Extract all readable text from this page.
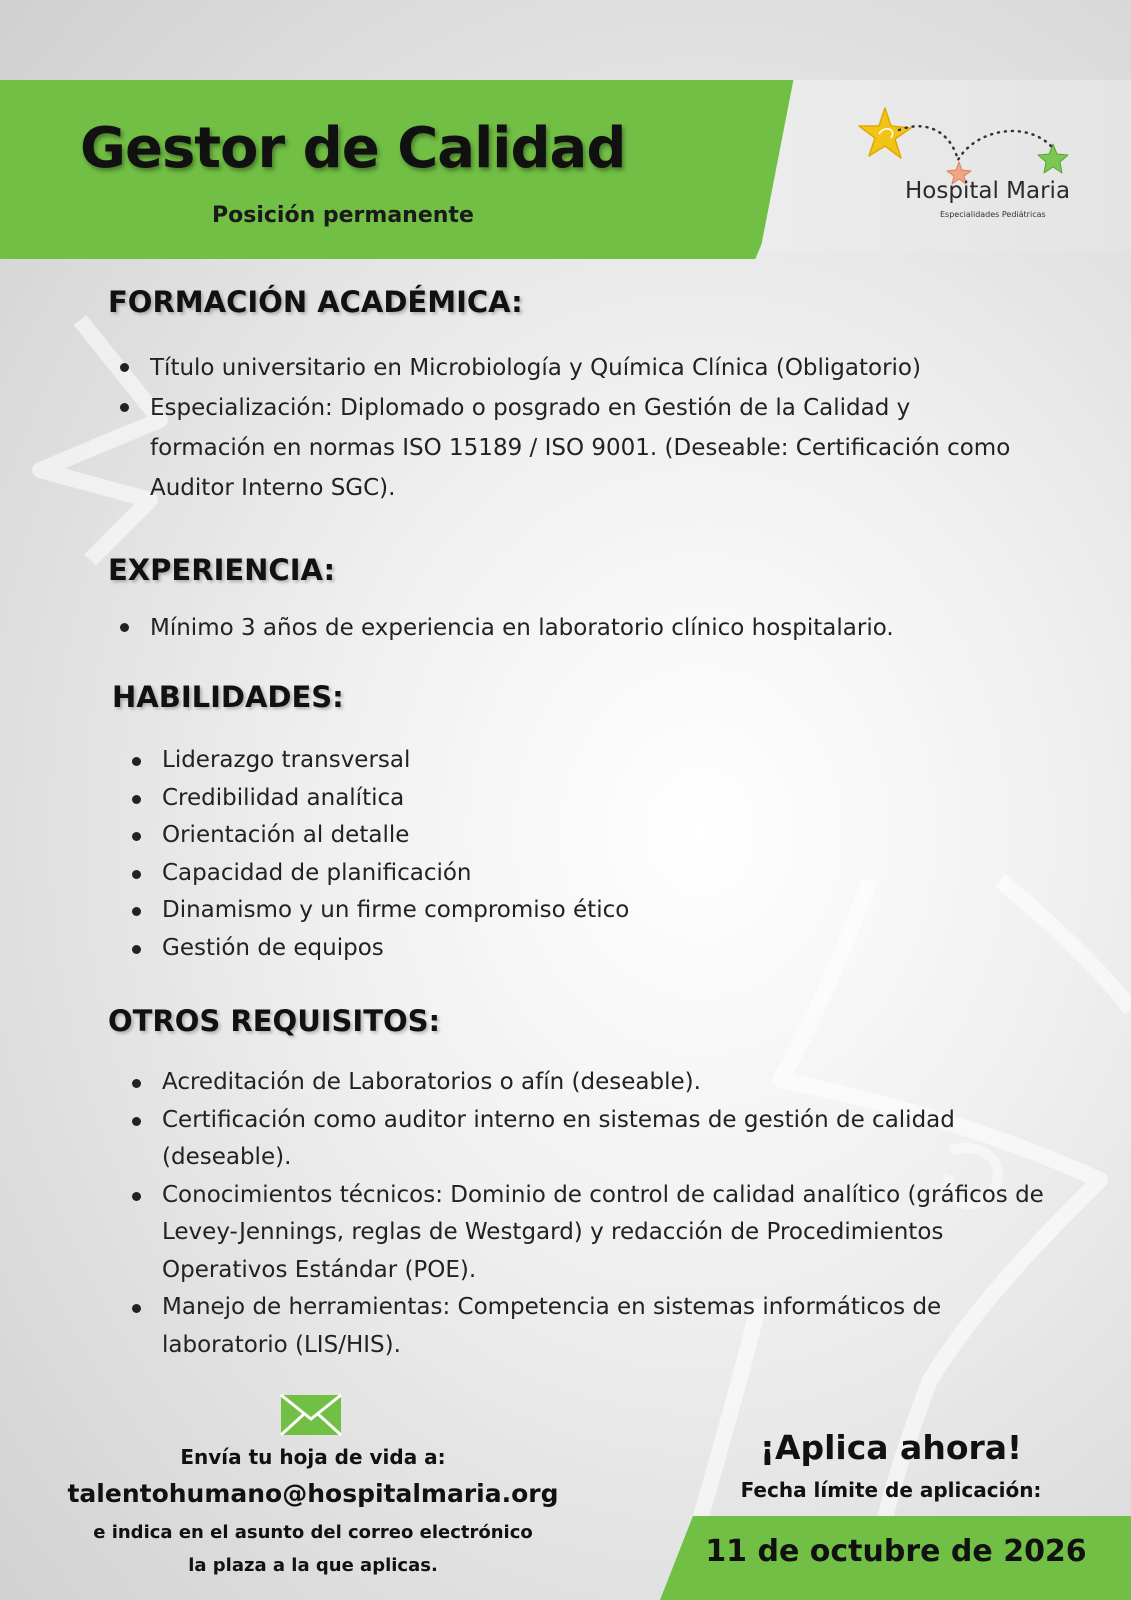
Gestor de Calidad

Posición permanente

Hospital Maria

Especialidades Pediátricas

FORMACIÓN ACADÉMICA:
Título universitario en Microbiología y Química Clínica (Obligatorio)
Especialización: Diplomado o posgrado en Gestión de la Calidad y formación en normas ISO 15189 / ISO 9001. (Deseable: Certificación como Auditor Interno SGC).
EXPERIENCIA:
Mínimo 3 años de experiencia en laboratorio clínico hospitalario.
HABILIDADES:
Liderazgo transversal
Credibilidad analítica
Orientación al detalle
Capacidad de planificación
Dinamismo y un firme compromiso ético
Gestión de equipos
OTROS REQUISITOS:
Acreditación de Laboratorios o afín (deseable).
Certificación como auditor interno en sistemas de gestión de calidad (deseable).
Conocimientos técnicos: Dominio de control de calidad analítico (gráficos de Levey-Jennings, reglas de Westgard) y redacción de Procedimientos Operativos Estándar (POE).
Manejo de herramientas: Competencia en sistemas informáticos de laboratorio (LIS/HIS).

Envía tu hoja de vida a:

talentohumano@hospitalmaria.org

e indica en el asunto del correo electrónico

la plaza a la que aplicas.

¡Aplica ahora!

Fecha límite de aplicación:

11 de octubre de 2026
